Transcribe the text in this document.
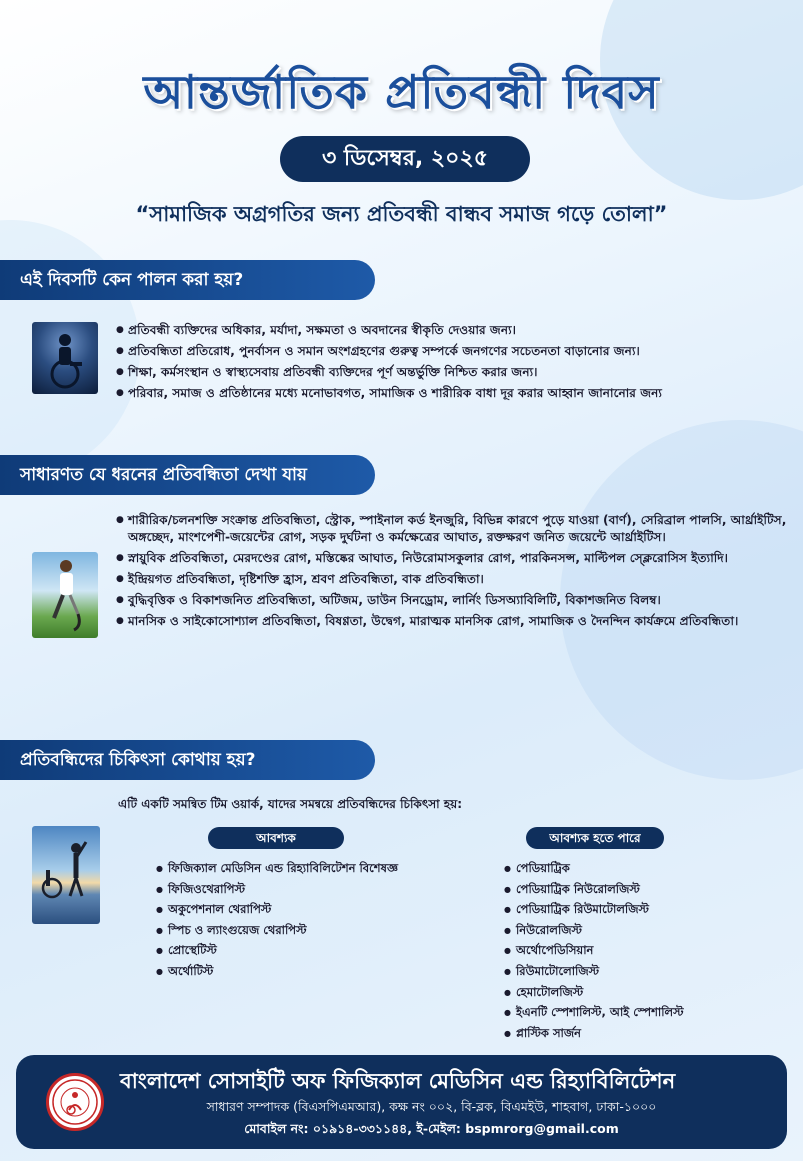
আন্তর্জাতিক প্রতিবন্ধী দিবস
৩ ডিসেম্বর, ২০২৫
“সামাজিক অগ্রগতির জন্য প্রতিবন্ধী বান্ধব সমাজ গড়ে তোলা”
এই দিবসটি কেন পালন করা হয়?
● প্রতিবন্ধী ব্যক্তিদের অধিকার, মর্যাদা, সক্ষমতা ও অবদানের স্বীকৃতি দেওয়ার জন্য।
● প্রতিবন্ধিতা প্রতিরোধ, পুনর্বাসন ও সমান অংশগ্রহণের গুরুত্ব সম্পর্কে জনগণের সচেতনতা বাড়ানোর জন্য।
● শিক্ষা, কর্মসংস্থান ও স্বাস্থ্যসেবায় প্রতিবন্ধী ব্যক্তিদের পূর্ণ অন্তর্ভুক্তি নিশ্চিত করার জন্য।
● পরিবার, সমাজ ও প্রতিষ্ঠানের মধ্যে মনোভাবগত, সামাজিক ও শারীরিক বাধা দূর করার আহ্বান জানানোর জন্য
সাধারণত যে ধরনের প্রতিবন্ধিতা দেখা যায়
● শারীরিক/চলনশক্তি সংক্রান্ত প্রতিবন্ধিতা, স্ট্রোক, স্পাইনাল কর্ড ইনজুরি, বিভিন্ন কারণে পুড়ে যাওয়া (বার্ণ), সেরিব্রাল পালসি, আর্থ্রাইটিস, অঙ্গচ্ছেদ, মাংশপেশী-জয়েন্টের রোগ, সড়ক দুর্ঘটনা ও কর্মক্ষেত্রের আঘাত, রক্তক্ষরণ জনিত জয়েন্টে আর্থ্রাইটিস।
● স্নায়ুবিক প্রতিবন্ধিতা, মেরদণ্ডের রোগ, মস্তিষ্কের আঘাত, নিউরোমাসকুলার রোগ, পারকিনসন্স, মাল্টিপল স্ক্লেরোসিস ইত্যাদি।
● ইন্দ্রিয়গত প্রতিবন্ধিতা, দৃষ্টিশক্তি হ্রাস, শ্রবণ প্রতিবন্ধিতা, বাক প্রতিবন্ধিতা।
● বুদ্ধিবৃত্তিক ও বিকাশজনিত প্রতিবন্ধিতা, অটিজম, ডাউন সিনড্রোম, লার্নিং ডিসঅ্যাবিলিটি, বিকাশজনিত বিলম্ব।
● মানসিক ও সাইকোসোশ্যাল প্রতিবন্ধিতা, বিষণ্ণতা, উদ্বেগ, মারাত্মক মানসিক রোগ, সামাজিক ও দৈনন্দিন কার্যক্রমে প্রতিবন্ধিতা।
প্রতিবন্ধিদের চিকিৎসা কোথায় হয়?
এটি একটি সমন্বিত টিম ওয়ার্ক, যাদের সমন্বয়ে প্রতিবন্ধিদের চিকিৎসা হয়:
আবশ্যক
● ফিজিক্যাল মেডিসিন এন্ড রিহ্যাবিলিটেশন বিশেষজ্ঞ
● ফিজিওথেরাপিস্ট
● অকুপেশনাল থেরাপিস্ট
● স্পিচ ও ল্যাংগুয়েজ থেরাপিস্ট
● প্রোস্থেটিস্ট
● অর্থোটিস্ট
আবশ্যক হতে পারে
● পেডিয়াট্রিক
● পেডিয়াট্রিক নিউরোলজিস্ট
● পেডিয়াট্রিক রিউমাটোলজিস্ট
● নিউরোলজিস্ট
● অর্থোপেডিসিয়ান
● রিউমাটোলোজিস্ট
● হেমাটোলজিস্ট
● ইএনটি স্পেশালিস্ট, আই স্পেশালিস্ট
● প্লাস্টিক সার্জন
বাংলাদেশ সোসাইটি অফ ফিজিক্যাল মেডিসিন এন্ড রিহ্যাবিলিটেশন
সাধারণ সম্পাদক (বিএসপিএমআর), কক্ষ নং ০০২, বি-ব্লক, বিএমইউ, শাহবাগ, ঢাকা-১০০০
মোবাইল নং: ০১৯১৪-৩৩১১৪৪, ই-মেইল: bspmrorg@gmail.com
